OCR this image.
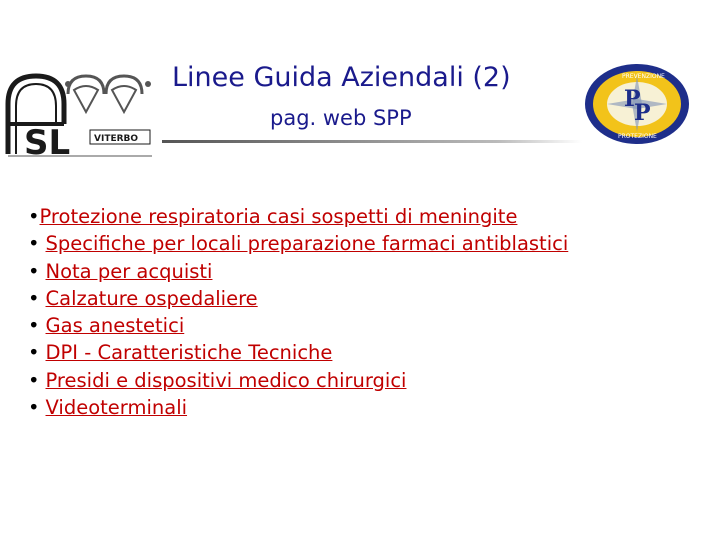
SL	VITERBO
P
P
PREVENZIONE
PROTEZIONE
Linee Guida Aziendali (2)
pag. web SPP
•Protezione respiratoria casi sospetti di meningite
• Specifiche per locali preparazione farmaci antiblastici
• Nota per acquisti
• Calzature ospedaliere
• Gas anestetici
• DPI - Caratteristiche Tecniche
• Presidi e dispositivi medico chirurgici
• Videoterminali
